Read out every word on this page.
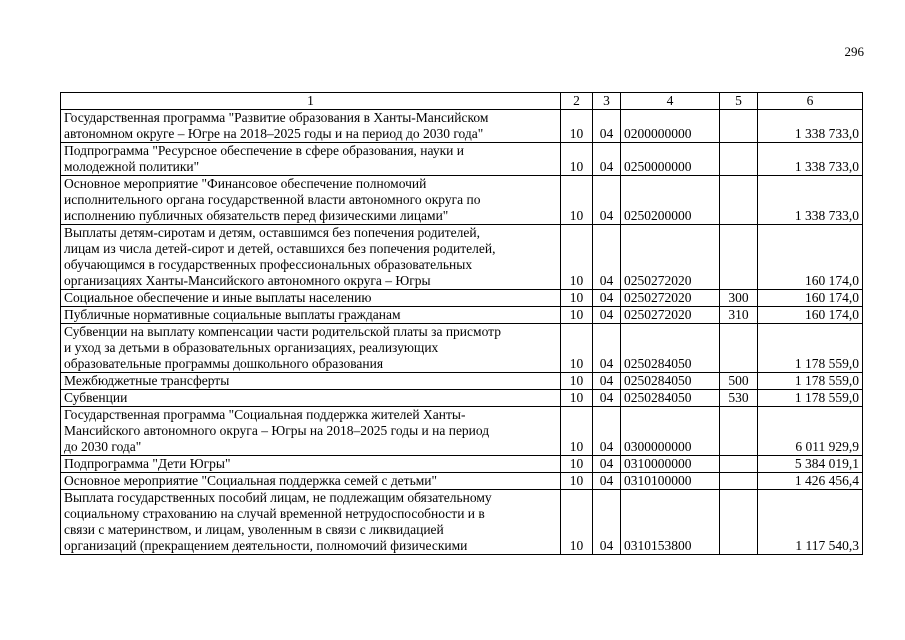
296
1	2	3	4	5	6
Государственная программа "Развитие образования в Ханты-Мансийском
автономном округе – Югре на 2018–2025 годы и на период до 2030 года"	10	04	0200000000		1 338 733,0
Подпрограмма "Ресурсное обеспечение в сфере образования, науки и
молодежной политики"	10	04	0250000000		1 338 733,0
Основное мероприятие "Финансовое обеспечение полномочий
исполнительного органа государственной власти автономного округа по
исполнению публичных обязательств перед физическими лицами"	10	04	0250200000		1 338 733,0
Выплаты детям-сиротам и детям, оставшимся без попечения родителей,
лицам из числа детей-сирот и детей, оставшихся без попечения родителей,
обучающимся в государственных профессиональных образовательных
организациях Ханты-Мансийского автономного округа – Югры	10	04	0250272020		160 174,0
Социальное обеспечение и иные выплаты населению	10	04	0250272020	300	160 174,0
Публичные нормативные социальные выплаты гражданам	10	04	0250272020	310	160 174,0
Субвенции на выплату компенсации части родительской платы за присмотр
и уход за детьми в образовательных организациях, реализующих
образовательные программы дошкольного образования	10	04	0250284050		1 178 559,0
Межбюджетные трансферты	10	04	0250284050	500	1 178 559,0
Субвенции	10	04	0250284050	530	1 178 559,0
Государственная программа "Социальная поддержка жителей Ханты-
Мансийского автономного округа – Югры на 2018–2025 годы и на период
до 2030 года"	10	04	0300000000		6 011 929,9
Подпрограмма "Дети Югры"	10	04	0310000000		5 384 019,1
Основное мероприятие "Социальная поддержка семей с детьми"	10	04	0310100000		1 426 456,4
Выплата государственных пособий лицам, не подлежащим обязательному
социальному страхованию на случай временной нетрудоспособности и в
связи с материнством, и лицам, уволенным в связи с ликвидацией
организаций (прекращением деятельности, полномочий физическими	10	04	0310153800		1 117 540,3
